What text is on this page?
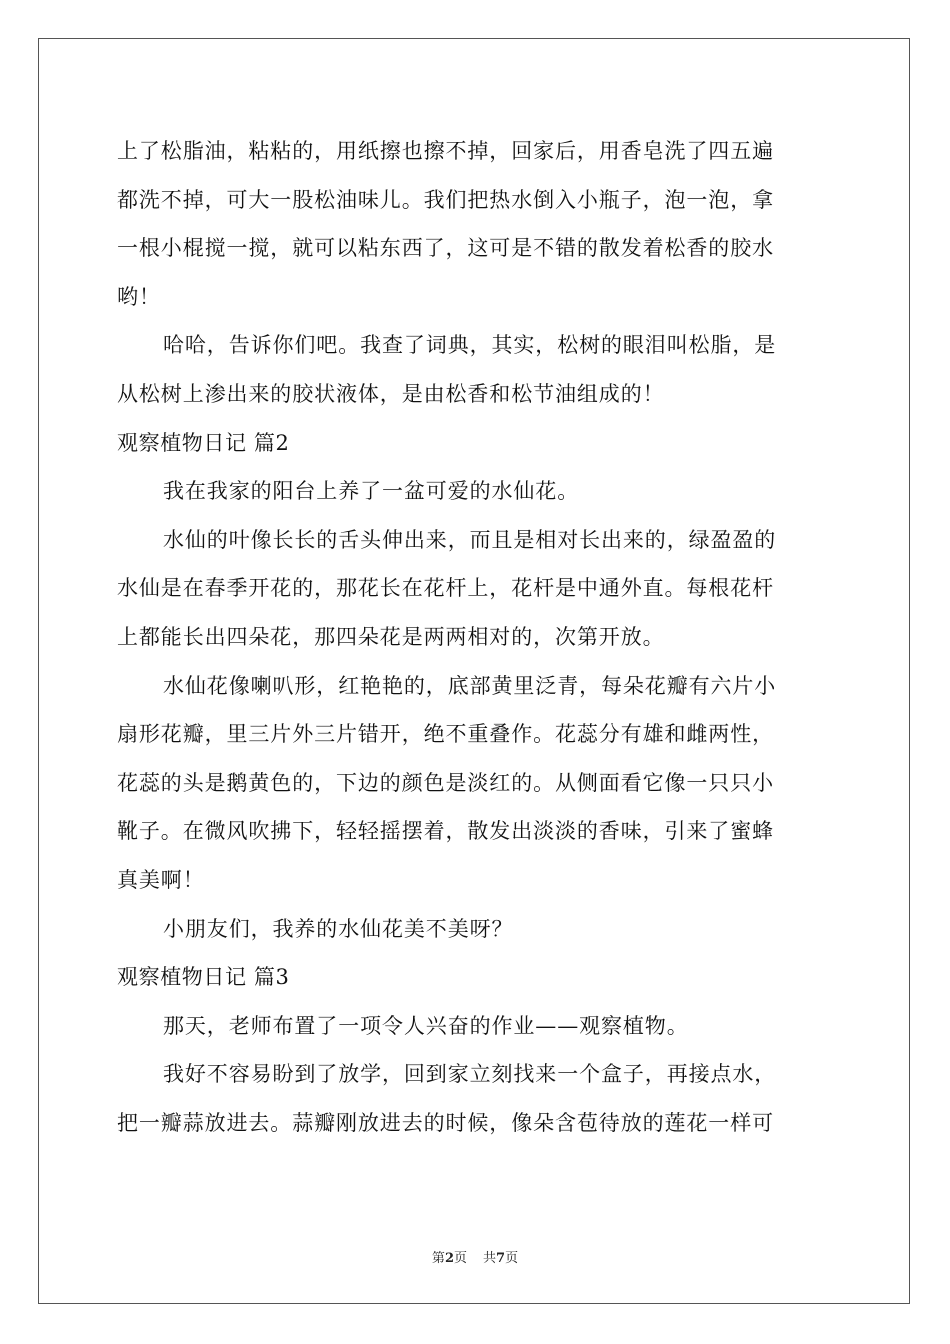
上了松脂油，粘粘的，用纸擦也擦不掉，回家后，用香皂洗了四五遍
都洗不掉，可大一股松油味儿。我们把热水倒入小瓶子，泡一泡，拿
一根小棍搅一搅，就可以粘东西了，这可是不错的散发着松香的胶水
哟！
哈哈，告诉你们吧。我查了词典，其实，松树的眼泪叫松脂，是
从松树上渗出来的胶状液体，是由松香和松节油组成的！
观察植物日记 篇2
我在我家的阳台上养了一盆可爱的水仙花。
水仙的叶像长长的舌头伸出来，而且是相对长出来的，绿盈盈的
水仙是在春季开花的，那花长在花杆上，花杆是中通外直。每根花杆
上都能长出四朵花，那四朵花是两两相对的，次第开放。
水仙花像喇叭形，红艳艳的，底部黄里泛青，每朵花瓣有六片小
扇形花瓣，里三片外三片错开，绝不重叠作。花蕊分有雄和雌两性，
花蕊的头是鹅黄色的，下边的颜色是淡红的。从侧面看它像一只只小
靴子。在微风吹拂下，轻轻摇摆着，散发出淡淡的香味，引来了蜜蜂
真美啊！
小朋友们，我养的水仙花美不美呀？
观察植物日记 篇3
那天，老师布置了一项令人兴奋的作业——观察植物。
我好不容易盼到了放学，回到家立刻找来一个盒子，再接点水，
把一瓣蒜放进去。蒜瓣刚放进去的时候，像朵含苞待放的莲花一样可
第2页 共7页
